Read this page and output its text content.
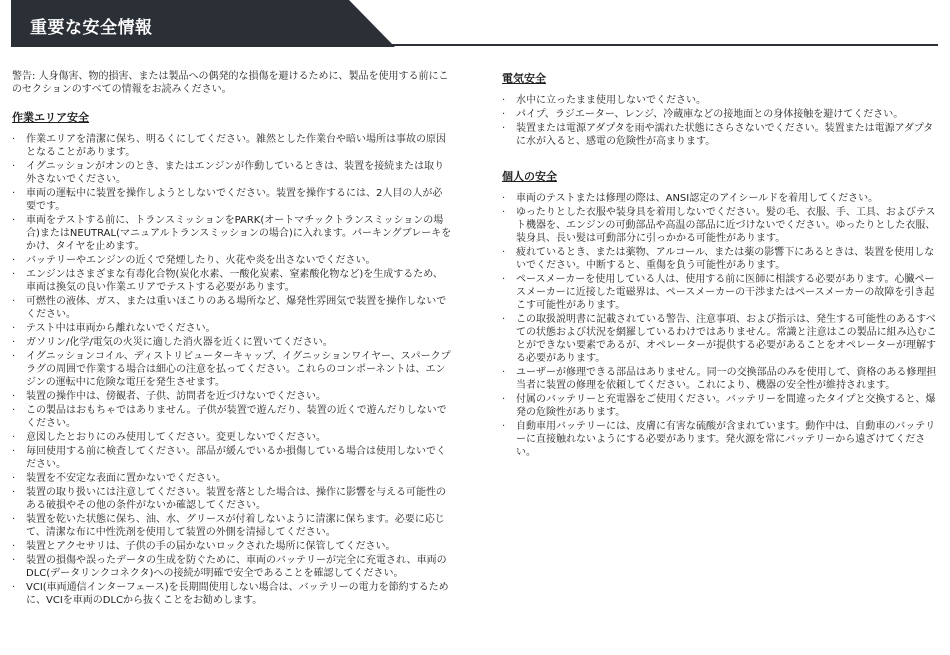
重要な安全情報

警告: 人身傷害、物的損害、または製品への偶発的な損傷を避けるために、製品を使用する前にこのセクションのすべての情報をお読みください。

作業エリア安全
· 作業エリアを清潔に保ち、明るくにしてください。雑然とした作業台や暗い場所は事故の原因となることがあります。
· イグニッションがオンのとき、またはエンジンが作動しているときは、装置を接続または取り外さないでください。
· 車両の運転中に装置を操作しようとしないでください。装置を操作するには、2人目の人が必要です。
· 車両をテストする前に、トランスミッションをPARK(オートマチックトランスミッションの場合)またはNEUTRAL(マニュアルトランスミッションの場合)に入れます。パーキングブレーキをかけ、タイヤを止めます。
· バッテリーやエンジンの近くで発煙したり、火花や炎を出さないでください。
· エンジンはさまざまな有毒化合物(炭化水素、一酸化炭素、窒素酸化物など)を生成するため、車両は換気の良い作業エリアでテストする必要があります。
· 可燃性の液体、ガス、または重いほこりのある場所など、爆発性雰囲気で装置を操作しないでください。
· テスト中は車両から離れないでください。
· ガソリン/化学/電気の火災に適した消火器を近くに置いてください。
· イグニッションコイル、ディストリビューターキャップ、イグニッションワイヤー、スパークプラグの周囲で作業する場合は細心の注意を払ってください。これらのコンポーネントは、エンジンの運転中に危険な電圧を発生させます。
· 装置の操作中は、傍観者、子供、訪問者を近づけないでください。
· この製品はおもちゃではありません。子供が装置で遊んだり、装置の近くで遊んだりしないでください。
· 意図したとおりにのみ使用してください。変更しないでください。
· 毎回使用する前に検査してください。部品が緩んでいるか損傷している場合は使用しないでください。
· 装置を不安定な表面に置かないでください。
· 装置の取り扱いには注意してください。装置を落とした場合は、操作に影響を与える可能性のある破損やその他の条件がないか確認してください。
· 装置を乾いた状態に保ち、油、水、グリースが付着しないように清潔に保ちます。必要に応じて、清潔な布に中性洗剤を使用して装置の外側を清掃してください。
· 装置とアクセサリは、子供の手の届かないロックされた場所に保管してください。
· 装置の損傷や誤ったデータの生成を防ぐために、車両のバッテリーが完全に充電され、車両のDLC(データリンクコネクタ)への接続が明確で安全であることを確認してください。
· VCI(車両通信インターフェース)を長期間使用しない場合は、バッテリーの電力を節約するために、VCIを車両のDLCから抜くことをお勧めします。
電気安全
· 水中に立ったまま使用しないでください。
· パイプ、ラジエーター、レンジ、冷蔵庫などの接地面との身体接触を避けてください。
· 装置または電源アダプタを雨や濡れた状態にさらさないでください。装置または電源アダプタに水が入ると、感電の危険性が高まります。
個人の安全
· 車両のテストまたは修理の際は、ANSI認定のアイシールドを着用してください。
· ゆったりとした衣服や装身具を着用しないでください。髪の毛、衣服、手、工具、およびテスト機器を、エンジンの可動部品や高温の部品に近づけないでください。ゆったりとした衣服、装身具、長い髪は可動部分に引っかかる可能性があります。
· 疲れているとき、または薬物、アルコール、または薬の影響下にあるときは、装置を使用しないでください。中断すると、重傷を負う可能性があります。
· ペースメーカーを使用している人は、使用する前に医師に相談する必要があります。心臓ペースメーカーに近接した電磁界は、ペースメーカーの干渉またはペースメーカーの故障を引き起こす可能性があります。
· この取扱説明書に記載されている警告、注意事項、および指示は、発生する可能性のあるすべての状態および状況を網羅しているわけではありません。常識と注意はこの製品に組み込むことができない要素であるが、オペレーターが提供する必要があることをオペレーターが理解する必要があります。
· ユーザーが修理できる部品はありません。同一の交換部品のみを使用して、資格のある修理担当者に装置の修理を依頼してください。これにより、機器の安全性が維持されます。
· 付属のバッテリーと充電器をご使用ください。バッテリーを間違ったタイプと交換すると、爆発の危険性があります。
· 自動車用バッテリーには、皮膚に有害な硫酸が含まれています。動作中は、自動車のバッテリーに直接触れないようにする必要があります。発火源を常にバッテリーから遠ざけてください。
